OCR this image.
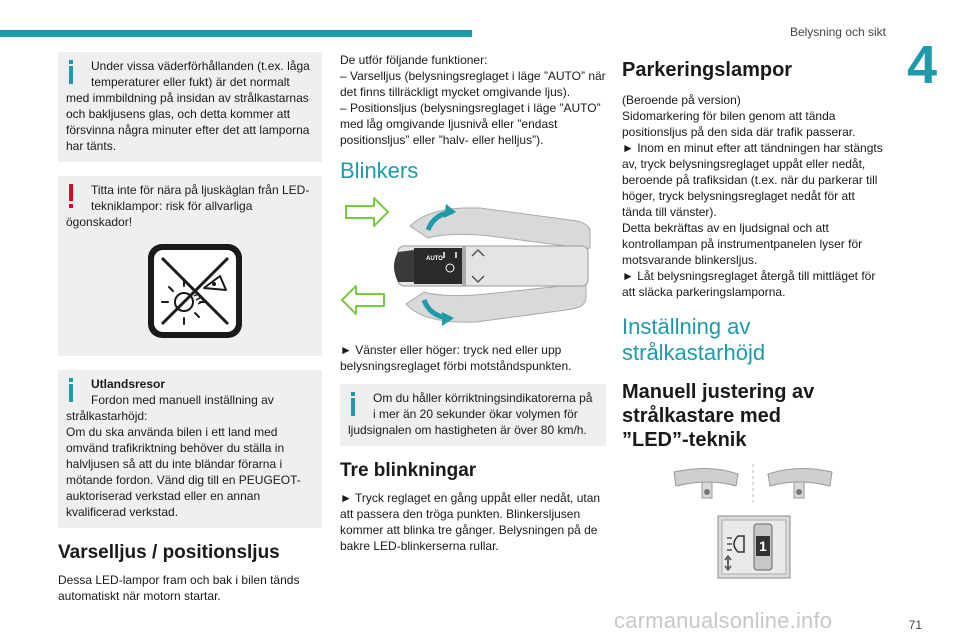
Belysning och sikt
4
Under vissa väderförhållanden (t.ex. låga temperaturer eller fukt) är det normalt

med immbildning på insidan av strålkastarnas och bakljusens glas, och detta kommer att försvinna några minuter efter det att lamporna har tänts.

Titta inte för nära på ljuskäglan från LED-tekniklampor: risk för allvarliga

ögonskador!

Utlandsresor
Fordon med manuell inställning av

strålkastarhöjd:
Om du ska använda bilen i ett land med omvänd trafikriktning behöver du ställa in halvljusen så att du inte bländar förarna i mötande fordon. Vänd dig till en PEUGEOT-auktoriserad verkstad eller en annan kvalificerad verkstad.

Varselljus / positionsljus

Dessa LED-lampor fram och bak i bilen tänds automatiskt när motorn startar.

De utför följande funktioner:

– Varselljus (belysningsreglaget i läge ”AUTO” när det finns tillräckligt mycket omgivande ljus).

– Positionsljus (belysningsreglaget i läge ”AUTO” med låg omgivande ljusnivå eller ”endast positionsljus” eller ”halv- eller helljus”).

Blinkers
AUTO

► Vänster eller höger: tryck ned eller upp belysningsreglaget förbi motståndspunkten.

Om du håller körriktningsindikatorerna på i mer än 20 sekunder ökar volymen för

ljudsignalen om hastigheten är över 80 km/h.

Tre blinkningar

► Tryck reglaget en gång uppåt eller nedåt, utan att passera den tröga punkten. Blinkersljusen kommer att blinka tre gånger. Belysningen på de bakre LED-blinkerserna rullar.

Parkeringslampor

(Beroende på version)
Sidomarkering för bilen genom att tända positionsljus på den sida där trafik passerar.
► Inom en minut efter att tändningen har stängts av, tryck belysningsreglaget uppåt eller nedåt, beroende på trafiksidan (t.ex. när du parkerar till höger, tryck belysningsreglaget nedåt för att tända till vänster).
Detta bekräftas av en ljudsignal och att kontrollampan på instrumentpanelen lyser för motsvarande blinkersljus.
► Låt belysningsreglaget återgå till mittläget för att släcka parkeringslamporna.

Inställning av strålkastarhöjd
Manuell justering av strålkastare med ”LED”-teknik
1
71
carmanualsonline.info
